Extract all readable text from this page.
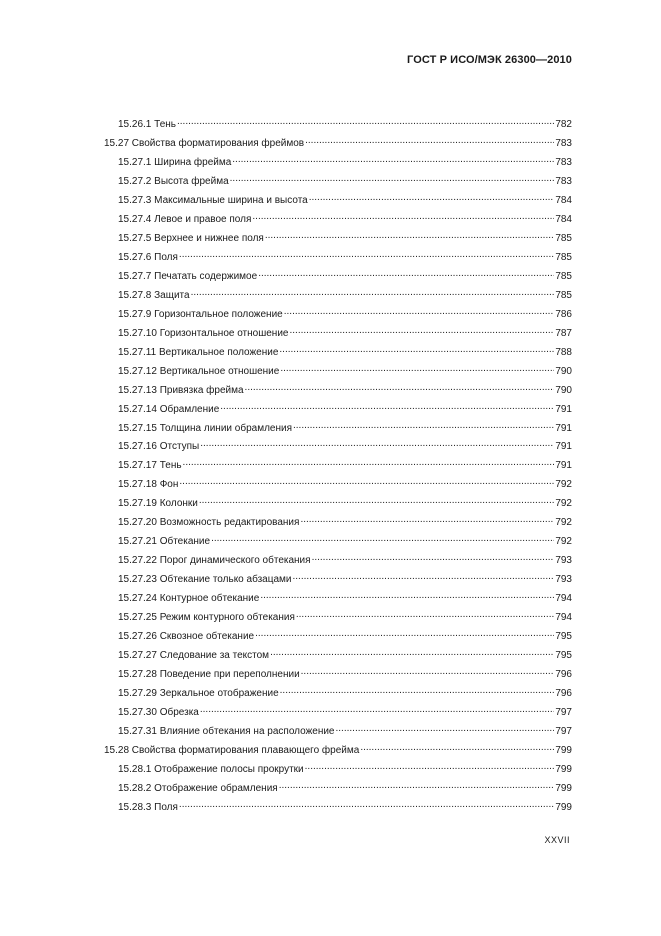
ГОСТ Р ИСО/МЭК 26300—2010
15.26.1 Тень .....	782
15.27 Свойства форматирования фреймов .....	783
15.27.1 Ширина фрейма .....	783
15.27.2 Высота фрейма .....	783
15.27.3 Максимальные ширина и высота .....	784
15.27.4 Левое и правое поля .....	784
15.27.5 Верхнее и нижнее поля .....	785
15.27.6 Поля .....	785
15.27.7 Печатать содержимое .....	785
15.27.8 Защита .....	785
15.27.9 Горизонтальное положение .....	786
15.27.10 Горизонтальное отношение .....	787
15.27.11 Вертикальное положение .....	788
15.27.12 Вертикальное отношение .....	790
15.27.13 Привязка фрейма .....	790
15.27.14 Обрамление .....	791
15.27.15 Толщина линии обрамления .....	791
15.27.16 Отступы .....	791
15.27.17 Тень .....	791
15.27.18 Фон .....	792
15.27.19 Колонки .....	792
15.27.20 Возможность редактирования .....	792
15.27.21 Обтекание .....	792
15.27.22 Порог динамического обтекания .....	793
15.27.23 Обтекание только абзацами .....	793
15.27.24 Контурное обтекание .....	794
15.27.25 Режим контурного обтекания .....	794
15.27.26 Сквозное обтекание .....	795
15.27.27 Следование за текстом .....	795
15.27.28 Поведение при переполнении .....	796
15.27.29 Зеркальное отображение .....	796
15.27.30 Обрезка .....	797
15.27.31 Влияние обтекания на расположение .....	797
15.28 Свойства форматирования плавающего фрейма .....	799
15.28.1 Отображение полосы прокрутки .....	799
15.28.2 Отображение обрамления .....	799
15.28.3 Поля .....	799
XXVII
